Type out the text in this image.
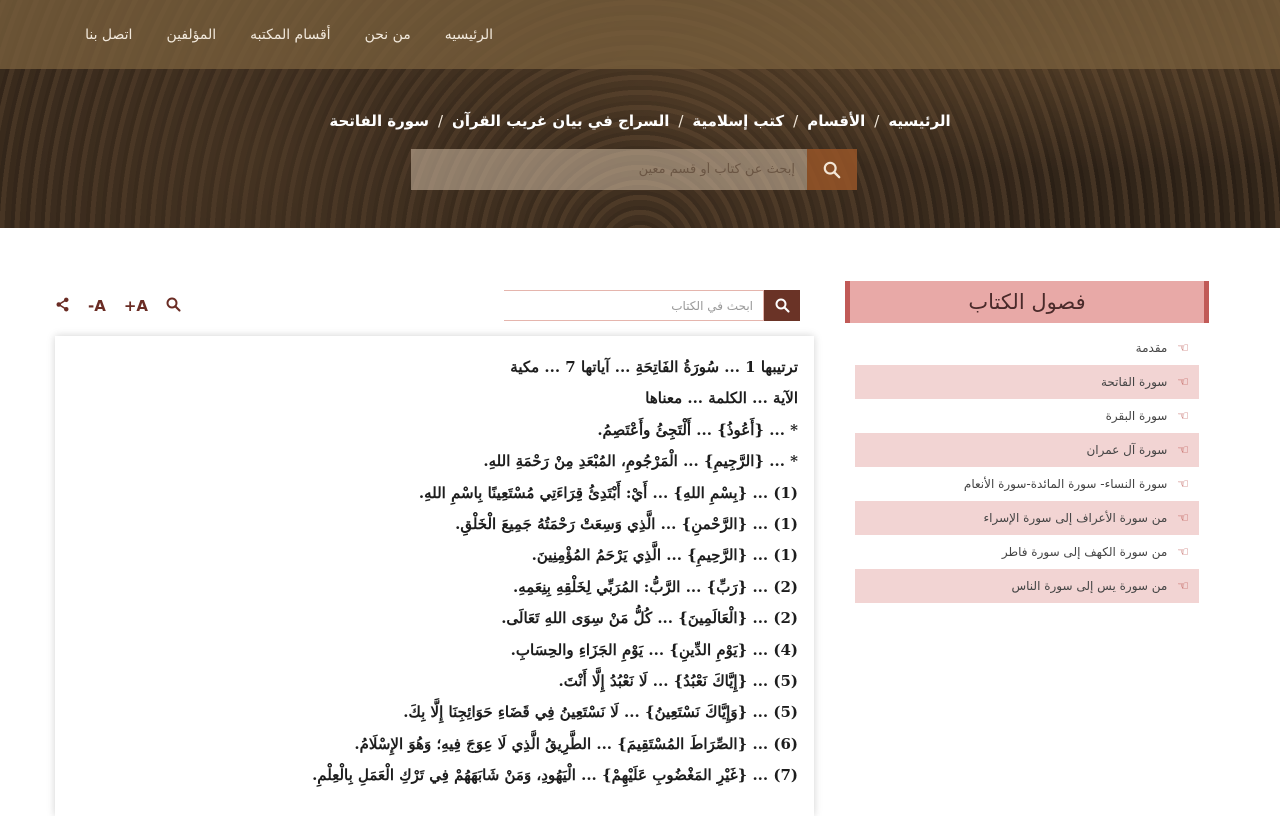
الرئيسيه
من نحن
أقسام المكتبه
المؤلفين
اتصل بنا
الرئيسيه
/
الأقسام
/
كتب إسلامية
/
السراج في بيان غريب القرآن
/
سورة الفاتحة
إبحث عن كتاب أو قسم معين
فصول الكتاب
☜
مقدمة
☜
سورة الفاتحة
☜
سورة البقرة
☜
سورة آل عمران
☜
سورة النساء- سورة المائدة-سورة الأنعام
☜
من سورة الأعراف إلى سورة الإسراء
☜
من سورة الكهف إلى سورة فاطر
☜
من سورة يس إلى سورة الناس
-A +A
ابحث في الكتاب
ترتيبها 1 ... سُورَةُ الفَاتِحَةِ ... آياتها 7 ... مكية
الآية ... الكلمة ... معناها
* ... {أَعُوذُ} ... أَلْتَجِئُ وأَعْتَصِمُ.
* ... {الرَّجِيمِ} ... الْمَرْجُومِ، المُبْعَدِ مِنْ رَحْمَةِ اللهِ.
(1) ... {بِسْمِ اللهِ} ... أَيْ: أَبْتَدِئُ قِرَاءَتِي مُسْتَعِينًا بِاسْمِ اللهِ.
(1) ... {الرَّحْمنِ} ... الَّذِي وَسِعَتْ رَحْمَتُهُ جَمِيعَ الْخَلْقِ.
(1) ... {الرَّحِيمِ} ... الَّذِي يَرْحَمُ المُؤْمِنِينَ.
(2) ... {رَبِّ} ... الرَّبُّ: المُرَبِّي لِخَلْقِهِ بِنِعَمِهِ.
(2) ... {الْعَالَمِينَ} ... كُلُّ مَنْ سِوَى اللهِ تَعَالَى.
(4) ... {يَوْمِ الدِّينِ} ... يَوْمِ الجَزَاءِ والحِسَابِ.
(5) ... {إِيَّاكَ نَعْبُدُ} ... لَا نَعْبُدُ إِلَّا أَنْتَ.
(5) ... {وَإِيَّاكَ نَسْتَعِينُ} ... لَا نَسْتَعِينُ فِي قَضَاءِ حَوَائِجِنَا إِلَّا بِكَ.
(6) ... {الصِّرَاطَ المُسْتَقِيمَ} ... الطَّرِيقُ الَّذِي لَا عِوَجَ فِيهِ؛ وَهُوَ الإِسْلَامُ.
(7) ... {غَيْرِ المَغْضُوبِ عَلَيْهِمْ} ... الْيَهُودِ، وَمَنْ شَابَهَهُمْ فِي تَرْكِ الْعَمَلِ بِالْعِلْمِ.
